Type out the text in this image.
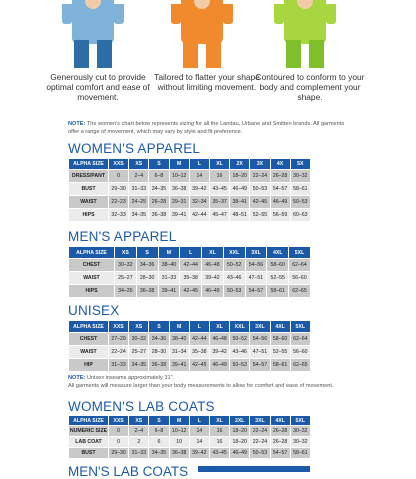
Generously cut to provide optimal comfort and ease of movement.
Tailored to flatter your shape without limiting movement.
Contoured to conform to your body and complement your shape.
NOTE: The women's chart below represents sizing for all the Landau, Urbane and Smitten brands. All garments offer a range of movement, which may vary by style and fit preference.
WOMEN'S APPAREL
ALPHA SIZE	XXS	XS	S	M	L	XL	2X	3X	4X	5X
DRESS/PANT	0	2–4	6–8	10–12	14	16	18–20	22–24	26–28	30–32
BUST	29–30	31–33	34–35	36–38	39–42	43–45	46–49	50–53	54–57	58–61
WAIST	22–23	24–25	26–28	29–31	32–34	35–37	38–41	42–45	46–49	50–53
HIPS	32–33	34–35	36–38	39–41	42–44	45–47	48–51	52–55	56–59	60–63
MEN'S APPAREL
ALPHA SIZE	XS	S	M	L	XL	XXL	3XL	4XL	5XL
CHEST	30–32	34–36	38–40	42–44	46–48	50–52	54–56	58–60	62–64
WAIST	25–27	28–30	31–33	35–38	39–42	43–46	47–51	52–55	56–60
HIPS	34–35	36–38	39–41	42–45	46–49	50–53	54–57	58–61	62–65
UNISEX
ALPHA SIZE	XXS	XS	S	M	L	XL	XXL	3XL	4XL	5XL
CHEST	27–29	30–32	34–36	38–40	42–44	46–48	50–52	54–56	58–60	62–64
WAIST	22–24	25–27	28–30	31–34	35–38	39–42	43–46	47–51	52–55	56–60
HIP	31–33	34–35	36–38	39–41	42–45	46–49	50–53	54–57	58–61	62–65
NOTE: Unisex inseams approximately 31".
All garments will measure larger than your body measurements to allow for comfort and ease of movement.
WOMEN'S LAB COATS
ALPHA SIZE	XXS	XS	S	M	L	XL	2XL	3XL	4XL	5XL
NUMERIC SIZE	0	2–4	6–8	10–12	14	16	18–20	22–24	26–28	30–32
LAB COAT	0	2	6	10	14	16	18–20	22–24	26–28	30–32
BUST	29–30	31–33	34–35	36–38	39–42	43–45	46–49	50–53	54–57	58–61
MEN'S LAB COATS
